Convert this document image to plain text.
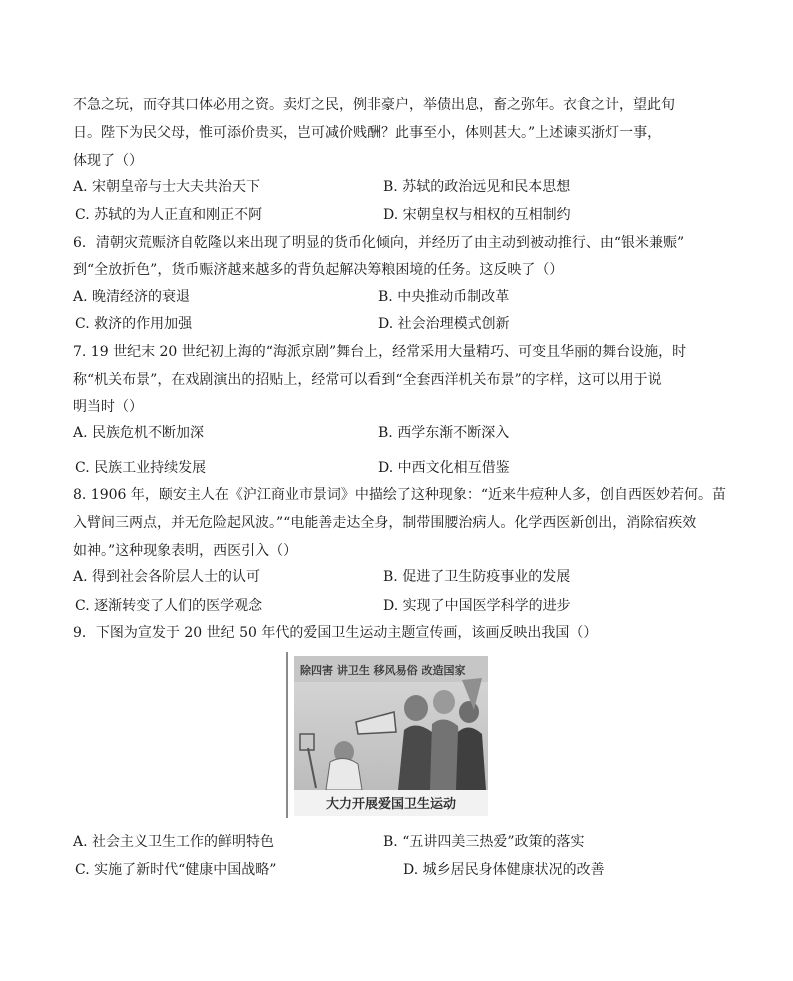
不急之玩，而夺其口体必用之资。卖灯之民，例非豪户，举债出息，畜之弥年。衣食之计，望此旬
日。陛下为民父母，惟可添价贵买，岂可减价贱酬？此事至小，体则甚大。”上述谏买浙灯一事，
体现了（）
A. 宋朝皇帝与士大夫共治天下	B. 苏轼的政治远见和民本思想
C. 苏轼的为人正直和刚正不阿	D. 宋朝皇权与相权的互相制约
6．清朝灾荒赈济自乾隆以来出现了明显的货币化倾向，并经历了由主动到被动推行、由“银米兼赈”
到“全放折色”，货币赈济越来越多的背负起解决筹粮困境的任务。这反映了（）
A. 晚清经济的衰退	B. 中央推动币制改革
C. 救济的作用加强	D. 社会治理模式创新
7. 19 世纪末 20 世纪初上海的“海派京剧”舞台上，经常采用大量精巧、可变且华丽的舞台设施，时
称“机关布景”，在戏剧演出的招贴上，经常可以看到“全套西洋机关布景”的字样，这可以用于说
明当时（）
A. 民族危机不断加深	B. 西学东渐不断深入
C. 民族工业持续发展	D. 中西文化相互借鉴
8. 1906 年，颐安主人在《沪江商业市景词》中描绘了这种现象：“近来牛痘种人多，创自西医妙若何。苗
入臂间三两点，并无危险起风波。”“电能善走达全身，制带围腰治病人。化学西医新创出，消除宿疾效
如神。”这种现象表明，西医引入（）
A. 得到社会各阶层人士的认可	B. 促进了卫生防疫事业的发展
C. 逐渐转变了人们的医学观念	D. 实现了中国医学科学的进步
9．下图为宣发于 20 世纪 50 年代的爱国卫生运动主题宣传画，该画反映出我国（）
除四害 讲卫生 移风易俗 改造国家
大力开展爱国卫生运动
A. 社会主义卫生工作的鲜明特色	B. “五讲四美三热爱”政策的落实
C. 实施了新时代“健康中国战略”	D. 城乡居民身体健康状况的改善
